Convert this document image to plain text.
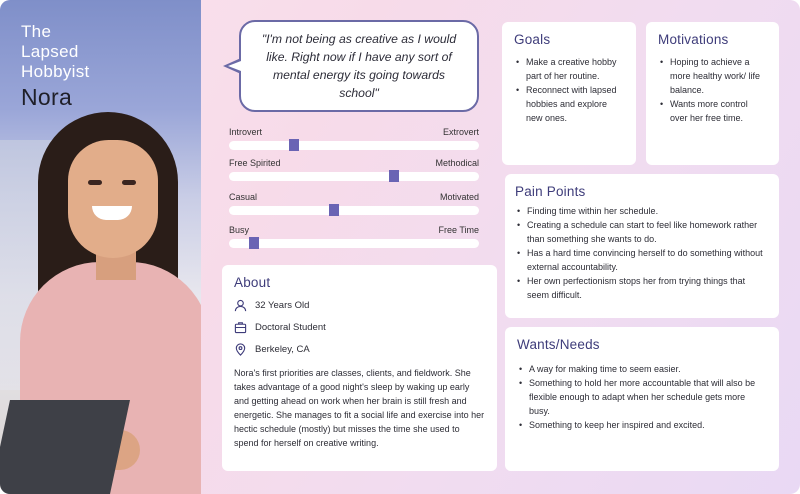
The
Lapsed
Hobbyist
Nora
"I'm not being as creative as I would like. Right now if I have any sort of mental energy its going towards school"
Introvert	Extrovert
Free Spirited	Methodical
Casual	Motivated
Busy	Free Time
About
32 Years Old
Doctoral Student
Berkeley, CA

Nora's first priorities are classes, clients, and fieldwork. She takes advantage of a good night's sleep by waking up early and getting ahead on work when her brain is still fresh and energetic. She manages to fit a social life and exercise into her hectic schedule (mostly) but misses the time she used to spend for herself on creative writing.

Goals
• Make a creative hobby part of her routine.
• Reconnect with lapsed hobbies and explore new ones.
Motivations
• Hoping to achieve a more healthy work/ life balance.
• Wants more control over her free time.
Pain Points
• Finding time within her schedule.
• Creating a schedule can start to feel like homework rather than something she wants to do.
• Has a hard time convincing herself to do something without external accountability.
• Her own perfectionism stops her from trying things that seem difficult.
Wants/Needs
• A way for making time to seem easier.
• Something to hold her more accountable that will also be flexible enough to adapt when her schedule gets more busy.
• Something to keep her inspired and excited.
